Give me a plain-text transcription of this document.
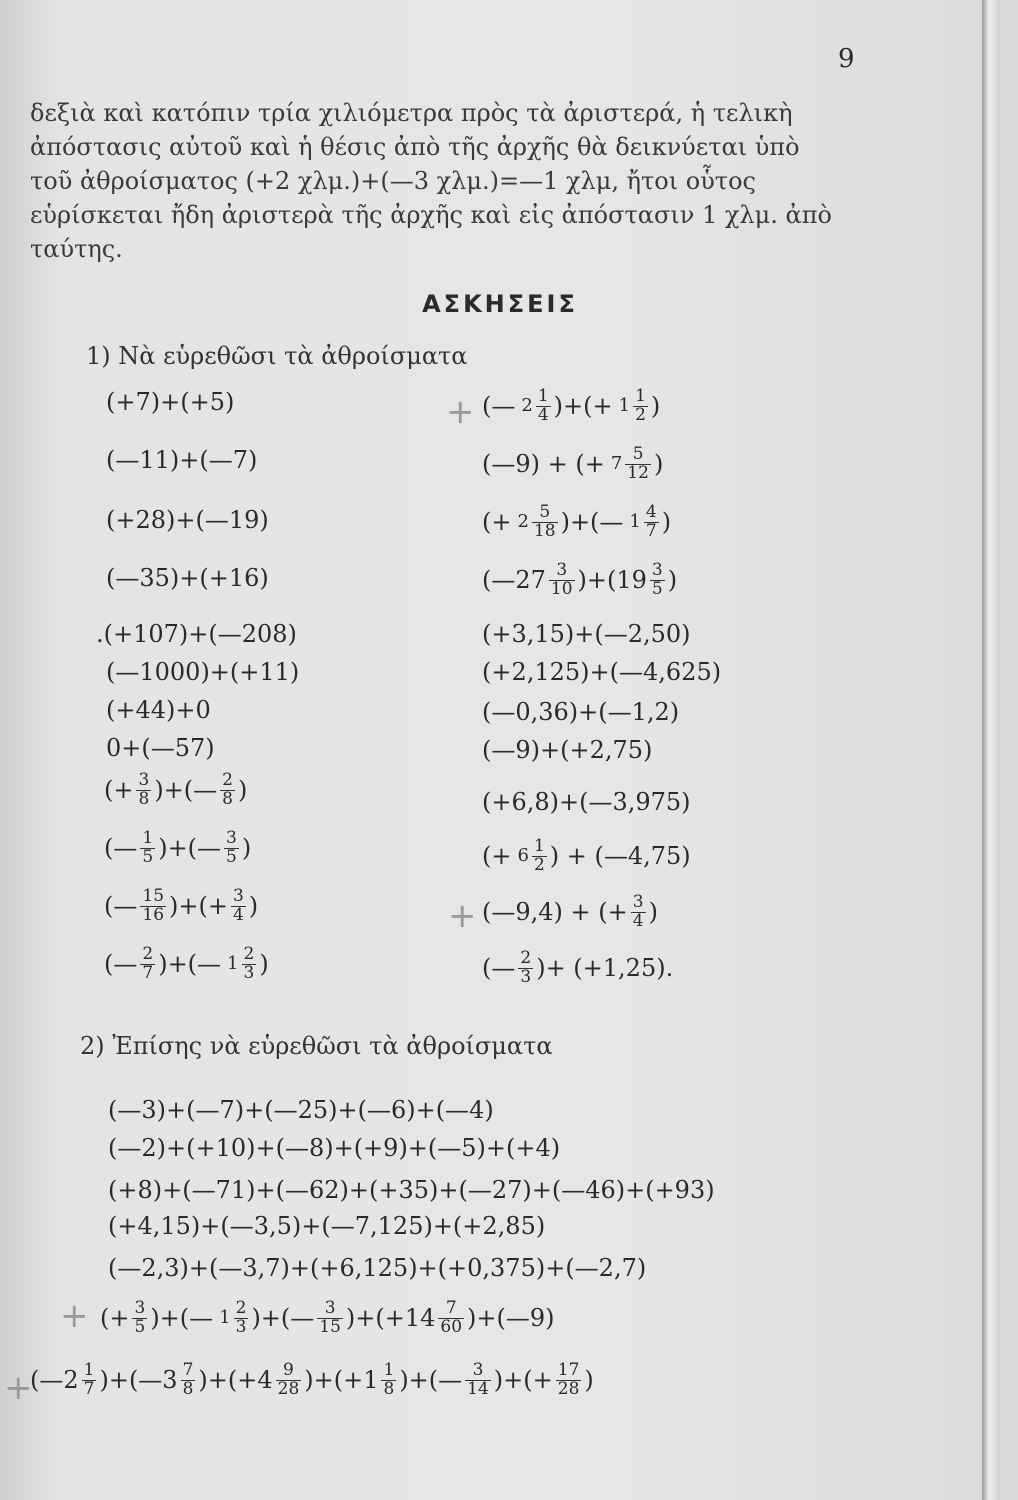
9
δεξιὰ καὶ κατόπιν τρία χιλιόμετρα πρὸς τὰ ἀριστερά, ἡ τελικὴ
ἀπόστασις αὐτοῦ καὶ ἡ θέσις ἀπὸ τῆς ἀρχῆς θὰ δεικνύεται ὑπὸ
τοῦ ἀθροίσματος (+2 χλμ.)+(—3 χλμ.)=—1 χλμ, ἤτοι οὗτος
εὑρίσκεται ἤδη ἀριστερὰ τῆς ἀρχῆς καὶ εἰς ἀπόστασιν 1 χλμ. ἀπὸ
ταύτης.
ΑΣΚΗΣΕΙΣ
1) Νὰ εὑρεθῶσι τὰ ἀθροίσματα
(+7)+(+5)
(—11)+(—7)
(+28)+(—19)
(—35)+(+16)
.(+107)+(—208)
(—1000)+(+11)
(+44)+0
0+(—57)
(+ $\frac{3}{8}$ )+(— $\frac{2}{8}$ )
(— $\frac{1}{5}$ )+(— $\frac{3}{5}$ )
(— $\frac{15}{16}$ )+(+ $\frac{3}{4}$ )
(— $\frac{2}{7}$ )+(— $1 \frac{2}{3}$ )
+ (— $2 \frac{1}{4}$ )+(+ $1 \frac{1}{2}$ )
(—9) + (+ $7 \frac{5}{12}$ )
(+ $2 \frac{5}{18}$ )+(— $1 \frac{4}{7}$ )
(—27 $\frac{3}{10} )+(19 \frac{3}{5}$ )
(+3,15)+(—2,50)
(+2,125)+(—4,625)
(—0,36)+(—1,2)
(—9)+(+2,75)
(+6,8)+(—3,975)
(+ $6 \frac{1}{2}$ ) + (—4,75)
+ (—9,4) + (+ $\frac{3}{4}$ )
(— $\frac{2}{3}$ )+ (+1,25).
2) Ἐπίσης νὰ εὑρεθῶσι τὰ ἀθροίσματα
(—3)+(—7)+(—25)+(—6)+(—4)
(—2)+(+10)+(—8)+(+9)+(—5)+(+4)
(+8)+(—71)+(—62)+(+35)+(—27)+(—46)+(+93)
(+4,15)+(—3,5)+(—7,125)+(+2,85)
(—2,3)+(—3,7)+(+6,125)+(+0,375)+(—2,7)
+ (+ $\frac{3}{5}$ )+(— $1 \frac{2}{3}$ )+(— $\frac{3}{15} )+(+14 \frac{7}{60}$ )+(—9)
+
(—2 $\frac{1}{7}$ )+(—3 $\frac{7}{8} )+(+4 \frac{9}{28} )+(+1 \frac{1}{8}$ )+(— $\frac{3}{14}$ )+(+ $\frac{17}{28}$ )
